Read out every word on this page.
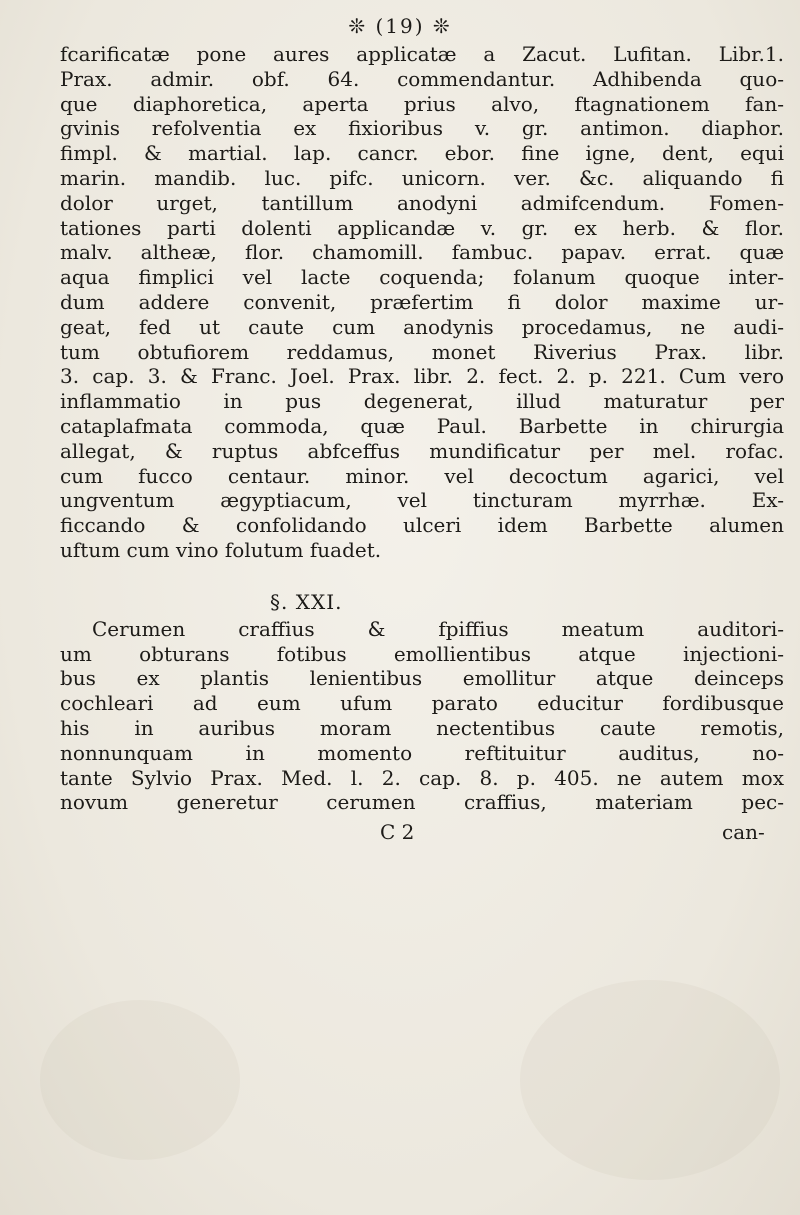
❊ (19) ❊
fcarificatæ pone aures applicatæ a Zacut. Lufitan. Libr.1.
Prax. admir. obf. 64. commendantur. Adhibenda quo-
que diaphoretica, aperta prius alvo, ftagnationem fan-
gvinis refolventia ex fixioribus v. gr. antimon. diaphor.
fimpl. & martial. lap. cancr. ebor. fine igne, dent, equi
marin. mandib. luc. pifc. unicorn. ver. &c. aliquando fi
dolor urget, tantillum anodyni admifcendum. Fomen-
tationes parti dolenti applicandæ v. gr. ex herb. & flor.
malv. altheæ, flor. chamomill. fambuc. papav. errat. quæ
aqua fimplici vel lacte coquenda; folanum quoque inter-
dum addere convenit, præfertim fi dolor maxime ur-
geat, fed ut caute cum anodynis procedamus, ne audi-
tum obtufiorem reddamus, monet Riverius Prax. libr.
3. cap. 3. & Franc. Joel. Prax. libr. 2. fect. 2. p. 221. Cum vero
inflammatio in pus degenerat, illud maturatur per
cataplafmata commoda, quæ Paul. Barbette in chirurgia
allegat, & ruptus abfceffus mundificatur per mel. rofac.
cum fucco centaur. minor. vel decoctum agarici, vel
ungventum ægyptiacum, vel tincturam myrrhæ. Ex-
ficcando & confolidando ulceri idem Barbette alumen
uftum cum vino folutum fuadet.
§. XXI.
Cerumen craffius & fpiffius meatum auditori-
um obturans fotibus emollientibus atque injectioni-
bus ex plantis lenientibus emollitur atque deinceps
cochleari ad eum ufum parato educitur fordibusque
his in auribus moram nectentibus caute remotis,
nonnunquam in momento reftituitur auditus, no-
tante Sylvio Prax. Med. l. 2. cap. 8. p. 405. ne autem mox
novum generetur cerumen craffius, materiam pec-
C 2	can-
